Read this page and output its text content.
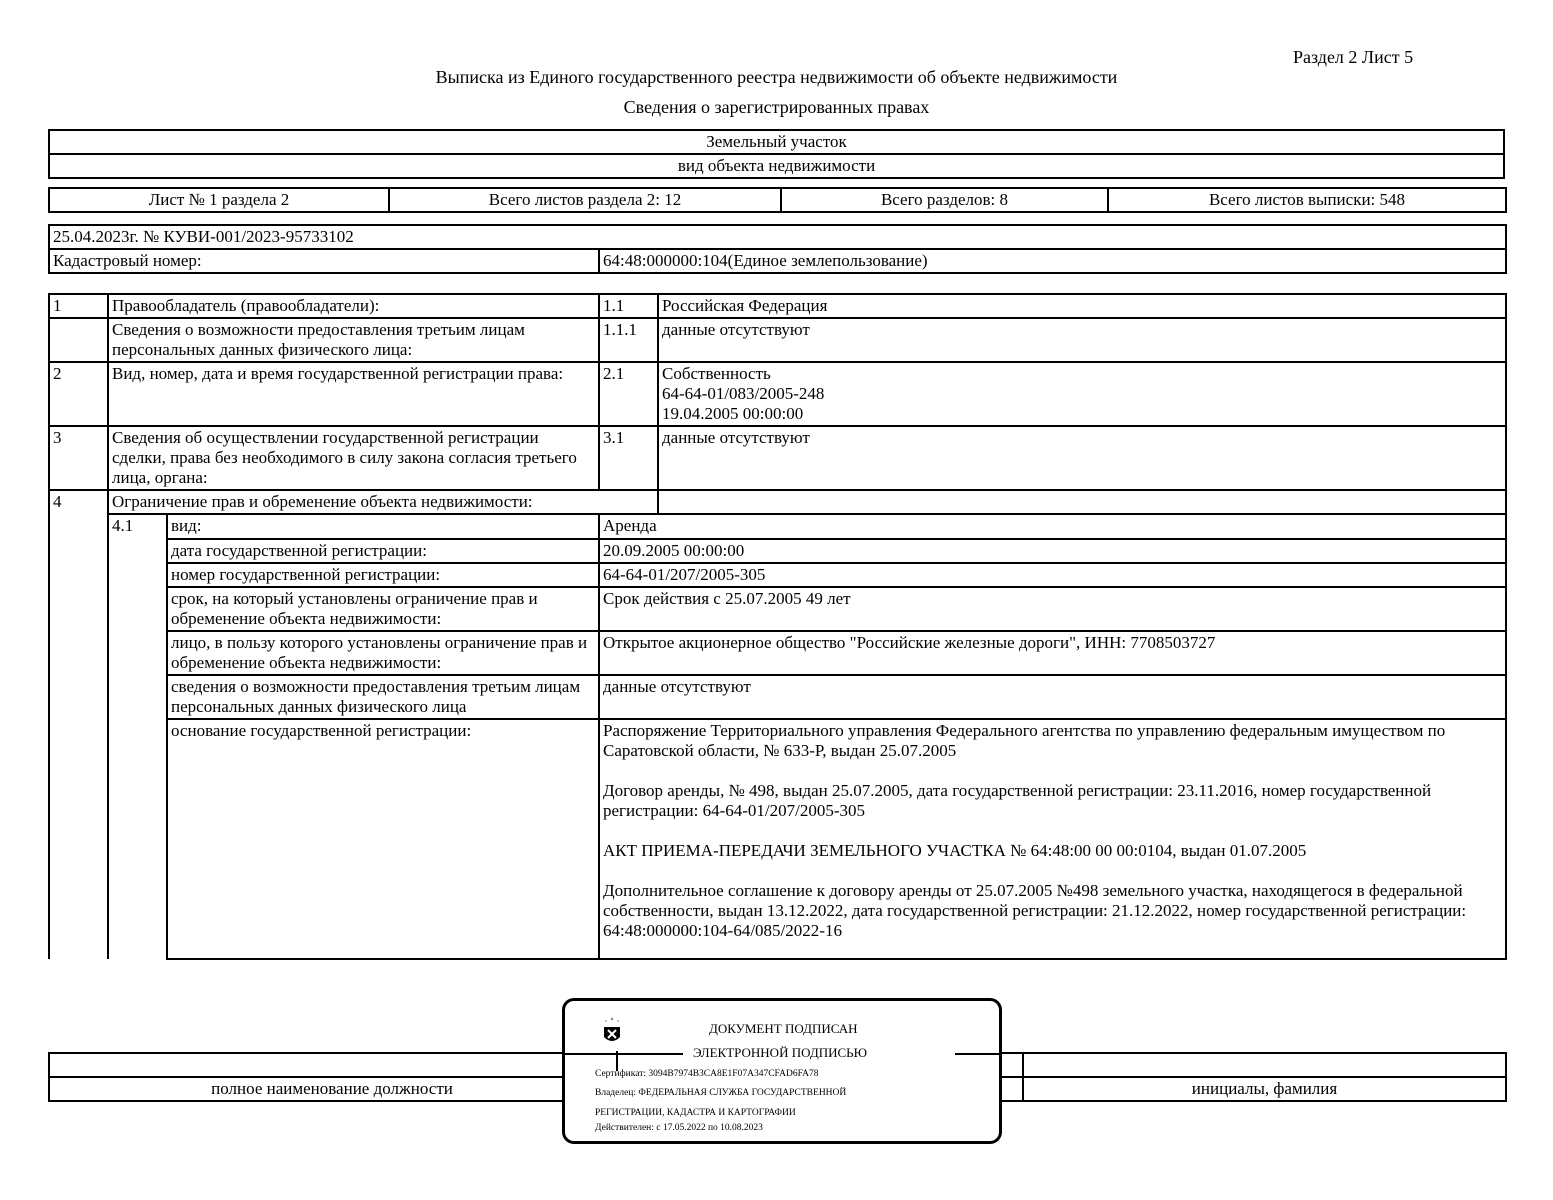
Раздел 2 Лист 5
Выписка из Единого государственного реестра недвижимости об объекте недвижимости
Сведения о зарегистрированных правах
Земельный участок
вид объекта недвижимости
Лист № 1 раздела 2	Всего листов раздела 2: 12	Всего разделов: 8	Всего листов выписки: 548
25.04.2023г. № КУВИ-001/2023-95733102
Кадастровый номер:	64:48:000000:104(Единое землепользование)
1	Правообладатель (правообладатели):		1.1	Российская Федерация
	Сведения о возможности предоставления третьим лицам персональных данных физического лица:		1.1.1	данные отсутствуют
2	Вид, номер, дата и время государственной регистрации права:		2.1	Собственность
64-64-01/083/2005-248
19.04.2005 00:00:00

3	Сведения об осуществлении государственной регистрации сделки, права без необходимого в силу закона согласия третьего лица, органа:		3.1	данные отсутствуют
4	Ограничение прав и обременение объекта недвижимости:			
	4.1	вид:	Аренда	
		дата государственной регистрации:	20.09.2005 00:00:00	
		номер государственной регистрации:	64-64-01/207/2005-305	
		срок, на который установлены ограничение прав и обременение объекта недвижимости:	Срок действия с 25.07.2005 49 лет	
		лицо, в пользу которого установлены ограничение прав и обременение объекта недвижимости:	Открытое акционерное общество "Российские железные дороги", ИНН: 7708503727	
		сведения о возможности предоставления третьим лицам персональных данных физического лица	данные отсутствуют	
		основание государственной регистрации:	Распоряжение Территориального управления Федерального агентства по управлению федеральным имуществом по Саратовской области, № 633-Р, выдан 25.07.2005
Договор аренды, № 498, выдан 25.07.2005, дата государственной регистрации: 23.11.2016, номер государственной регистрации: 64-64-01/207/2005-305
АКТ ПРИЕМА-ПЕРЕДАЧИ ЗЕМЕЛЬНОГО УЧАСТКА № 64:48:00 00 00:0104, выдан 01.07.2005
Дополнительное соглашение к договору аренды от 25.07.2005 №498 земельного участка, находящегося в федеральной собственности, выдан 13.12.2022, дата государственной регистрации: 21.12.2022, номер государственной регистрации: 64:48:000000:104-64/085/2022-16	

полное наименование должности		инициалы, фамилия
ДОКУМЕНТ ПОДПИСАН
ЭЛЕКТРОННОЙ ПОДПИСЬЮ
Сертификат: 3094B7974B3CA8E1F07A347CFAD6FA78
Владелец: ФЕДЕРАЛЬНАЯ СЛУЖБА ГОСУДАРСТВЕННОЙ
РЕГИСТРАЦИИ, КАДАСТРА И КАРТОГРАФИИ
Действителен: с 17.05.2022 по 10.08.2023
